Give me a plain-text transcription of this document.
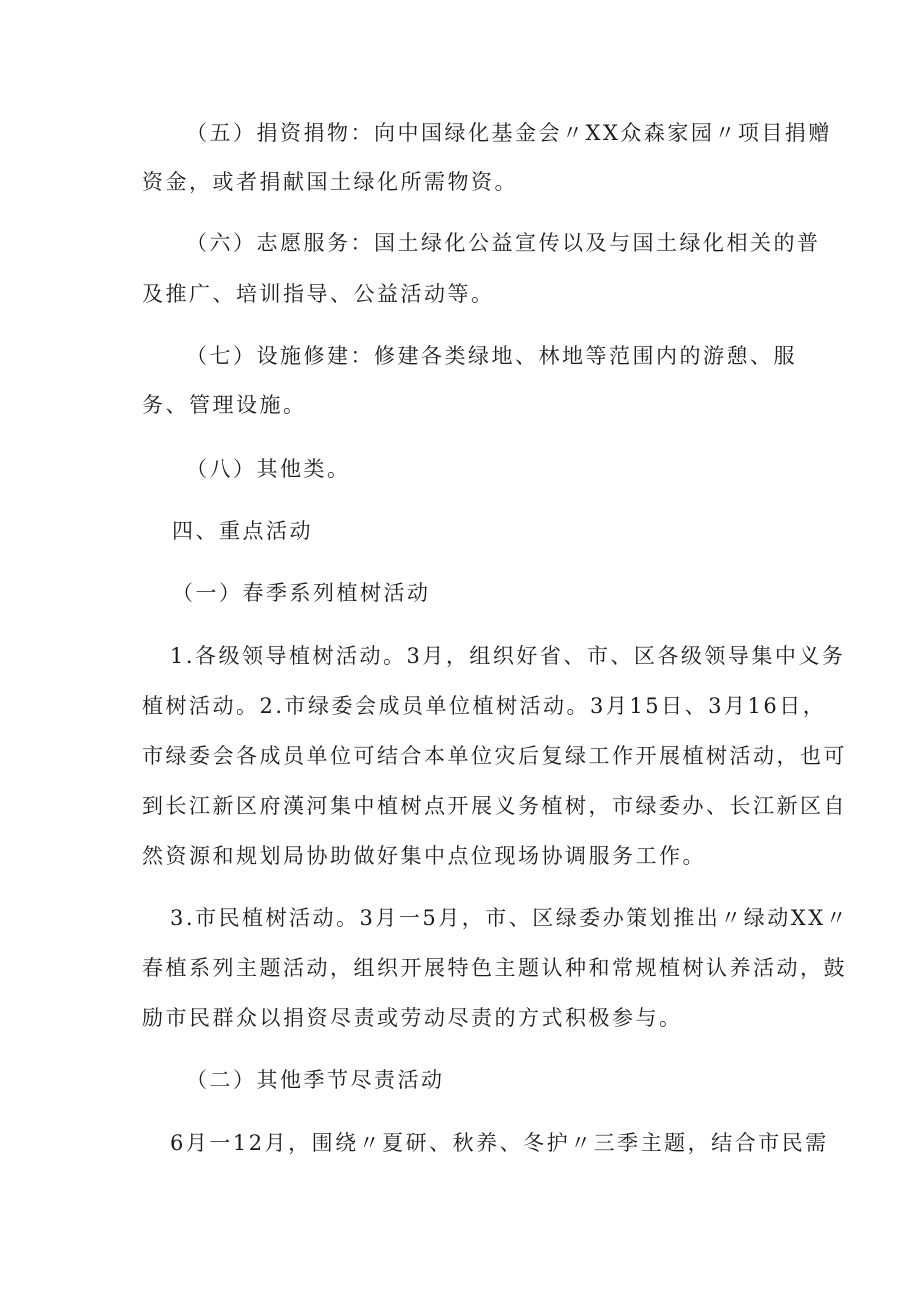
（五）捐资捐物：向中国绿化基金会〃XX众森家园〃项目捐赠
资金，或者捐献国土绿化所需物资。
（六）志愿服务：国土绿化公益宣传以及与国土绿化相关的普
及推广、培训指导、公益活动等。
（七）设施修建：修建各类绿地、林地等范围内的游憩、服
务、管理设施。
（八）其他类。
四、重点活动
（一）春季系列植树活动
1.各级领导植树活动。3月，组织好省、市、区各级领导集中义务
植树活动。2.市绿委会成员单位植树活动。3月15日、3月16日，
市绿委会各成员单位可结合本单位灾后复绿工作开展植树活动，也可
到长江新区府漢河集中植树点开展义务植树，市绿委办、长江新区自
然资源和规划局协助做好集中点位现场协调服务工作。
3.市民植树活动。3月一5月，市、区绿委办策划推出〃绿动XX〃
春植系列主题活动，组织开展特色主题认种和常规植树认养活动，鼓
励市民群众以捐资尽责或劳动尽责的方式积极参与。
（二）其他季节尽责活动
6月一12月，围绕〃夏研、秋养、冬护〃三季主题，结合市民需
